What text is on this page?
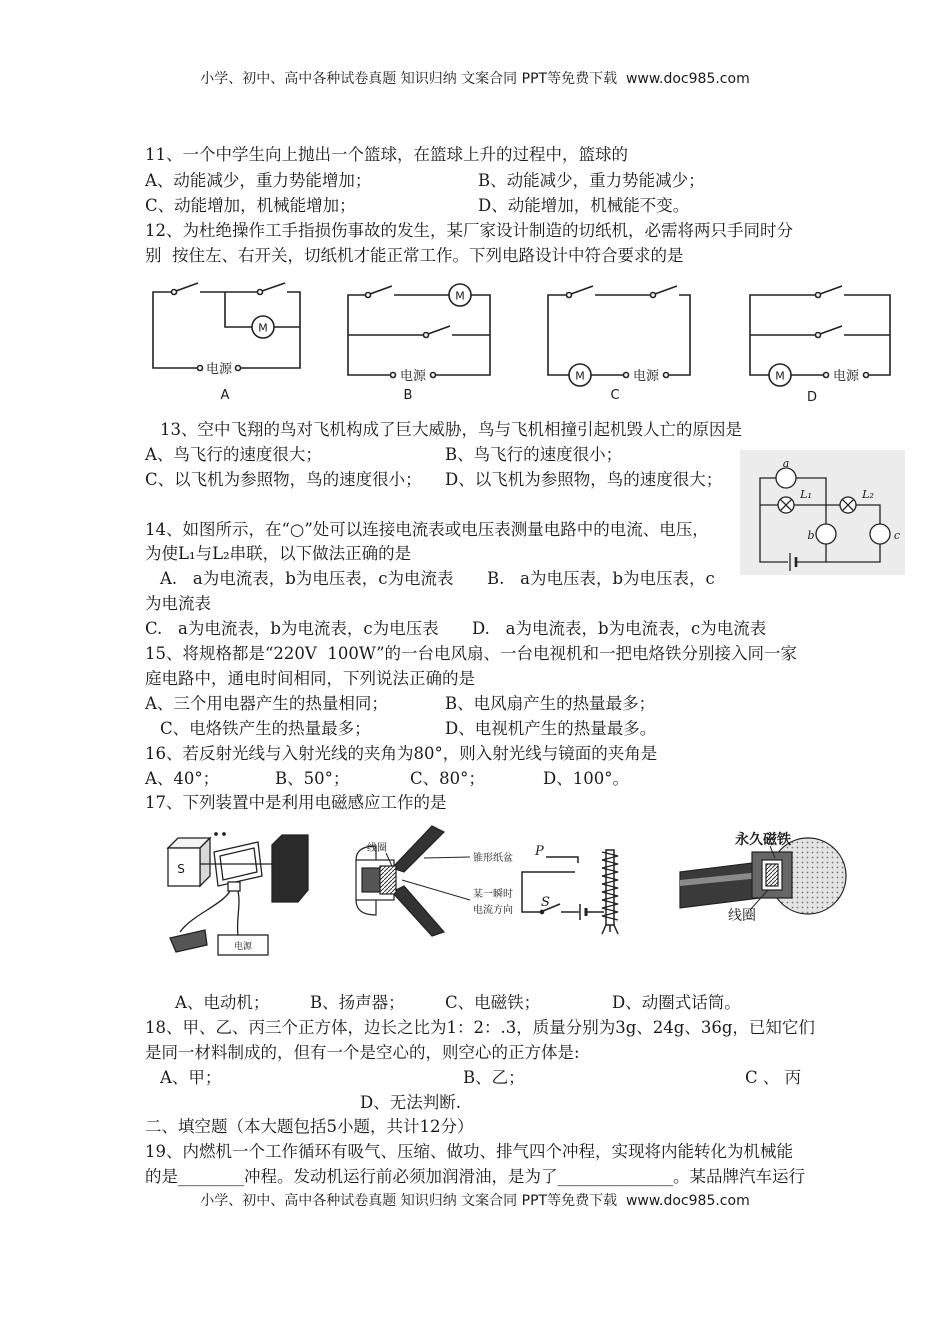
小学、初中、高中各种试卷真题 知识归纳 文案合同 PPT等免费下载  www.doc985.com
11、一个中学生向上抛出一个篮球，在篮球上升的过程中，篮球的
A、动能减少，重力势能增加；	B、动能减少，重力势能减少；
C、动能增加，机械能增加；	D、动能增加，机械能不变。
12、为杜绝操作工手指损伤事故的发生，某厂家设计制造的切纸机，必需将两只手同时分
别  按住左、右开关，切纸机才能正常工作。下列电路设计中符合要求的是
M
电源
A
M
电源
B
M	电源
C
M	电源
D
13、空中飞翔的鸟对飞机构成了巨大威胁，鸟与飞机相撞引起机毁人亡的原因是
A、鸟飞行的速度很大；	B、鸟飞行的速度很小；
C、以飞机为参照物，鸟的速度很小； D、以飞机为参照物，鸟的速度很大；
a
L₁	L₂
b	c
14、如图所示，在“○”处可以连接电流表或电压表测量电路中的电流、电压，
为使L₁与L₂串联，以下做法正确的是
A.   a为电流表，b为电压表，c为电流表 B.   a为电压表，b为电压表，c
为电流表
C.   a为电流表，b为电流表，c为电压表 D.   a为电流表，b为电流表，c为电流表
15、将规格都是“220V  100W”的一台电风扇、一台电视机和一把电烙铁分别接入同一家
庭电路中，通电时间相同，下列说法正确的是
A、三个用电器产生的热量相同；	B、电风扇产生的热量最多；
C、电烙铁产生的热量最多；	D、电视机产生的热量最多。
16、若反射光线与入射光线的夹角为80°，则入射光线与镜面的夹角是
A、40°；	B、50°；	C、80°；	D、100°。
17、下列装置中是利用电磁感应工作的是
S
电源
线圈
锥形纸盆
某一瞬时
电流方向
P
S
永久磁铁
线圈
A、电动机； B、扬声器； C、电磁铁；	D、动圈式话筒。
18、甲、乙、丙三个正方体，边长之比为1：2：.3，质量分别为3g、24g、36g，已知它们
是同一材料制成的，但有一个是空心的，则空心的正方体是:
A、甲；	B、乙；	C 、 丙
D、无法判断.
二、填空题（本大题包括5小题，共计12分）
19、内燃机一个工作循环有吸气、压缩、做功、排气四个冲程，实现将内能转化为机械能
的是________冲程。发动机运行前必须加润滑油，是为了______________。某品牌汽车运行
小学、初中、高中各种试卷真题 知识归纳 文案合同 PPT等免费下载  www.doc985.com
